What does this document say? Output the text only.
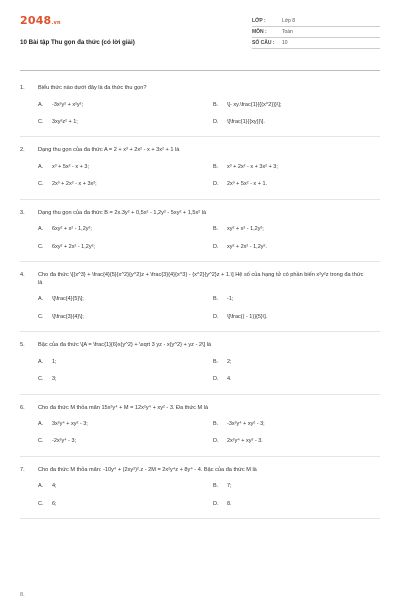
2048.vn
10 Bài tập Thu gọn đa thức (có lời giải)
LỚP :	Lớp 8
MÔN :	Toán
SỐ CÂU :	10
1.	Biểu thức nào dưới đây là đa thức thu gọn?
A.	-3x²y² + x²y²;	B.	\[- xy.\frac{1}{{{x^2}}}\];
C.	3xy²z² + 1;	D.	\[\frac{1}{{xy}}\].
2.	Dạng thu gọn của đa thức A = 2 + x³ + 2x² - x + 3x² + 1 là
A.	x³ + 5x² - x + 3;	B.	x³ + 2x² - x + 3x² + 3;
C.	2x³ + 2x² - x + 3x²;	D.	2x³ + 5x² - x + 1.
3.	Dạng thu gọn của đa thức B = 2x.3y² + 0,5x² - 1,2y² - 5xy² + 1,5x² là
A.	6xy² + x² - 1,2y²;	B.	xy² + x² - 1,2y²;
C.	6xy² + 2x² - 1,2y²;	D.	xy² + 2x² - 1,2y².
4.	Cho đa thức \[{x^3} + \frac{4}{5}{x^2}{y^2}z + \frac{3}{4}{x^3} - {x^2}{y^2}z + 1.\] Hệ số của hạng tử có phần biến x²y²z trong đa thức là
A.	\[\frac{4}{5}\];	B.	-1;
C.	\[\frac{3}{4}\];	D.	\[\frac{( - 1)}{5}\].
5.	Bậc của đa thức \[A = \frac{1}{6}x{y^2} + \sqrt 3 yz - x{y^2} + yz - 2\] là
A.	1;	B.	2;
C.	3;	D.	4.
6.	Cho đa thức M thỏa mãn 15x²y⁴ + M = 12x²y⁴ + xy² - 3. Đa thức M là
A.	3x²y⁴ + xy² - 3;	B.	-3x²y⁴ + xy² - 3;
C.	-2x²y⁴ - 3;	D.	2x²y⁴ + xy² - 3.
7.	Cho đa thức M thỏa mãn: -10y⁴ + (2xy²)².z - 2M = 2x²y⁴z + 8y⁴ - 4. Bậc của đa thức M là
A.	4;	B.	7;
C.	6;	D.	8.
8.
